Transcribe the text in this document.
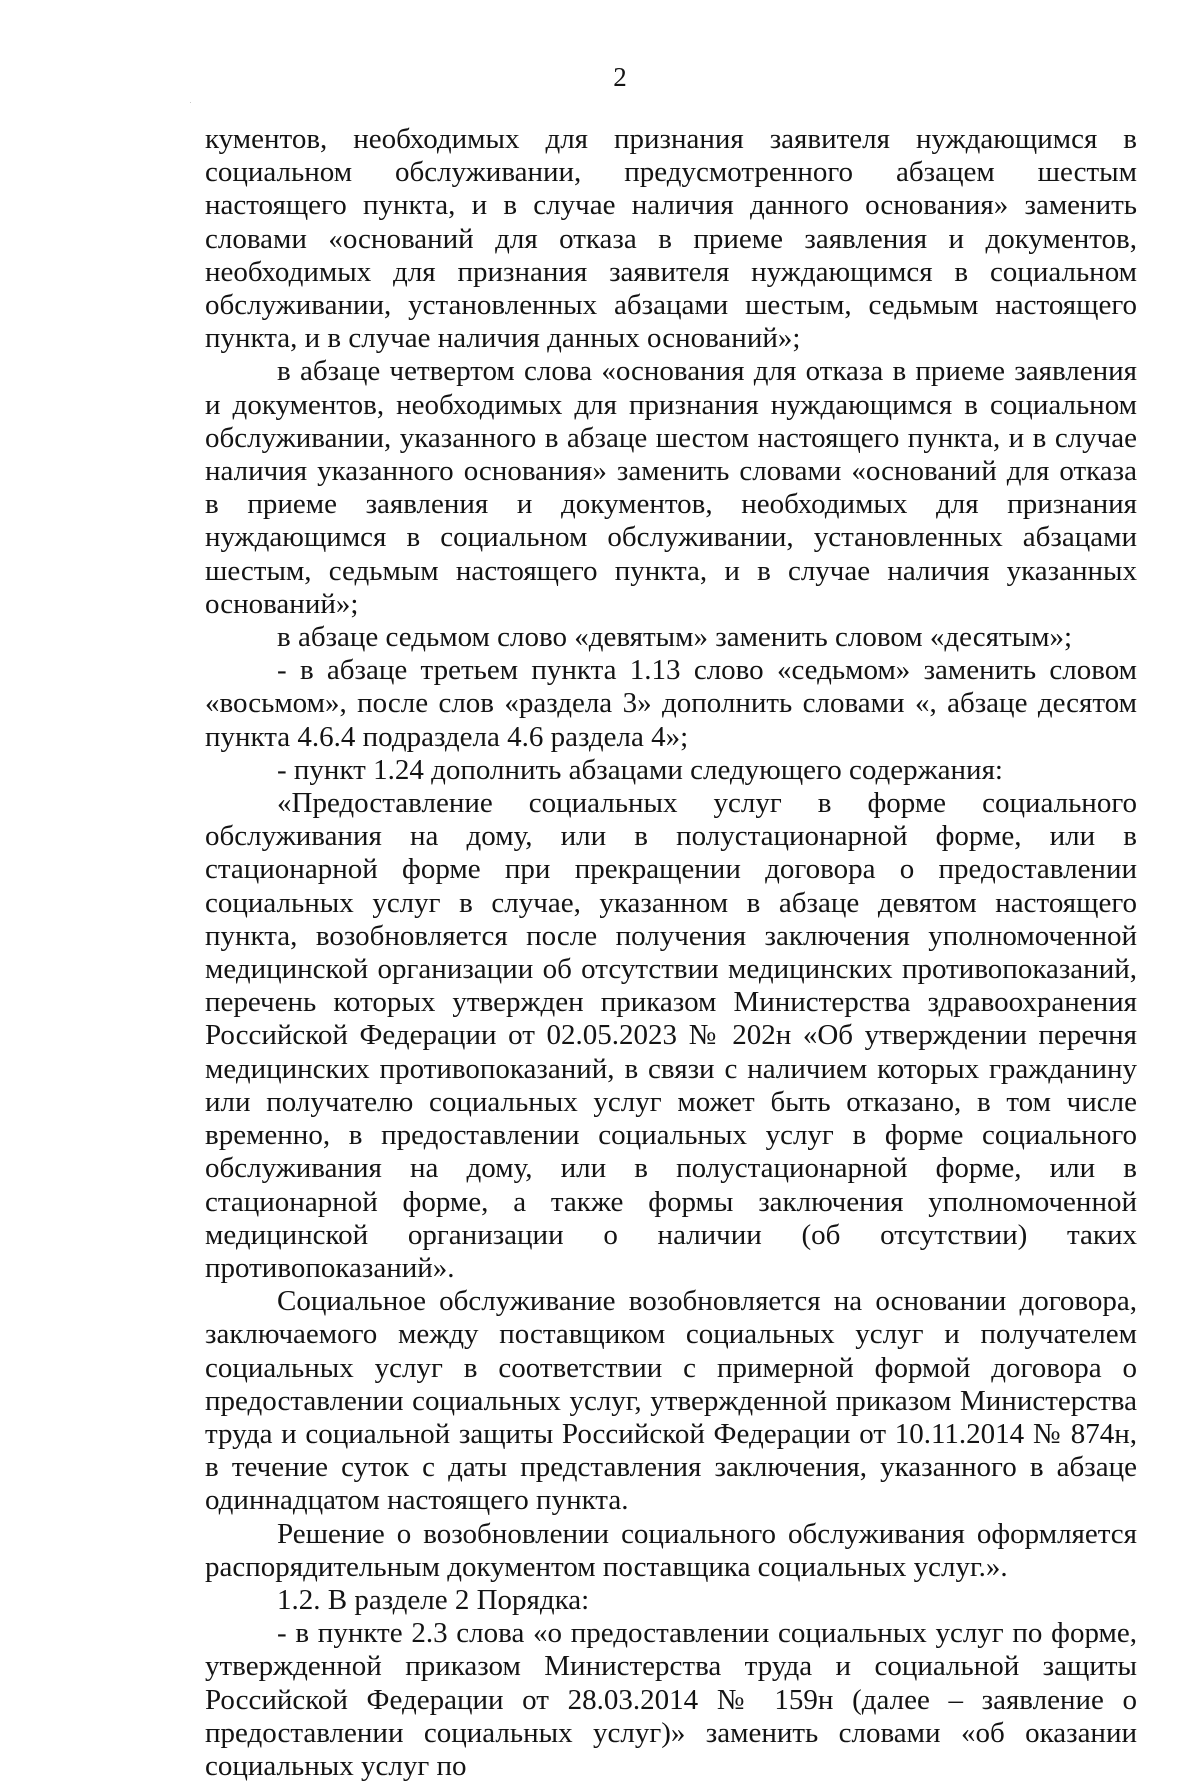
2

кументов, необходимых для признания заявителя нуждающимся в социальном обслуживании, предусмотренного абзацем шестым настоящего пункта, и в случае наличия данного основания» заменить словами «оснований для отказа в приеме заявления и документов, необходимых для признания заявителя нуждающимся в социальном обслуживании, установленных абзацами шестым, седьмым настоящего пункта, и в случае наличия данных оснований»;

в абзаце четвертом слова «основания для отказа в приеме заявления и документов, необходимых для признания нуждающимся в социальном обслуживании, указанного в абзаце шестом настоящего пункта, и в случае наличия указанного основания» заменить словами «оснований для отказа в приеме заявления и документов, необходимых для признания нуждающимся в социальном обслуживании, установленных абзацами шестым, седьмым настоящего пункта, и в случае наличия указанных оснований»;

в абзаце седьмом слово «девятым» заменить словом «десятым»;

- в абзаце третьем пункта 1.13 слово «седьмом» заменить словом «восьмом», после слов «раздела 3» дополнить словами «, абзаце десятом пункта 4.6.4 подраздела 4.6 раздела 4»;

- пункт 1.24 дополнить абзацами следующего содержания:

«Предоставление социальных услуг в форме социального обслуживания на дому, или в полустационарной форме, или в стационарной форме при прекращении договора о предоставлении социальных услуг в случае, указанном в абзаце девятом настоящего пункта, возобновляется после получения заключения уполномоченной медицинской организации об отсутствии медицинских противопоказаний, перечень которых утвержден приказом Министерства здравоохранения Российской Федерации от 02.05.2023 № 202н «Об утверждении перечня медицинских противопоказаний, в связи с наличием которых гражданину или получателю социальных услуг может быть отказано, в том числе временно, в предоставлении социальных услуг в форме социального обслуживания на дому, или в полустационарной форме, или в стационарной форме, а также формы заключения уполномоченной медицинской организации о наличии (об отсутствии) таких противопоказаний».

Социальное обслуживание возобновляется на основании договора, заключаемого между поставщиком социальных услуг и получателем социальных услуг в соответствии с примерной формой договора о предоставлении социальных услуг, утвержденной приказом Министерства труда и социальной защиты Российской Федерации от 10.11.2014 № 874н, в течение суток с даты представления заключения, указанного в абзаце одиннадцатом настоящего пункта.

Решение о возобновлении социального обслуживания оформляется распорядительным документом поставщика социальных услуг.».

1.2. В разделе 2 Порядка:

- в пункте 2.3 слова «о предоставлении социальных услуг по форме, утвержденной приказом Министерства труда и социальной защиты Российской Федерации от 28.03.2014 № 159н (далее – заявление о предоставлении социальных услуг)» заменить словами «об оказании социальных услуг по
